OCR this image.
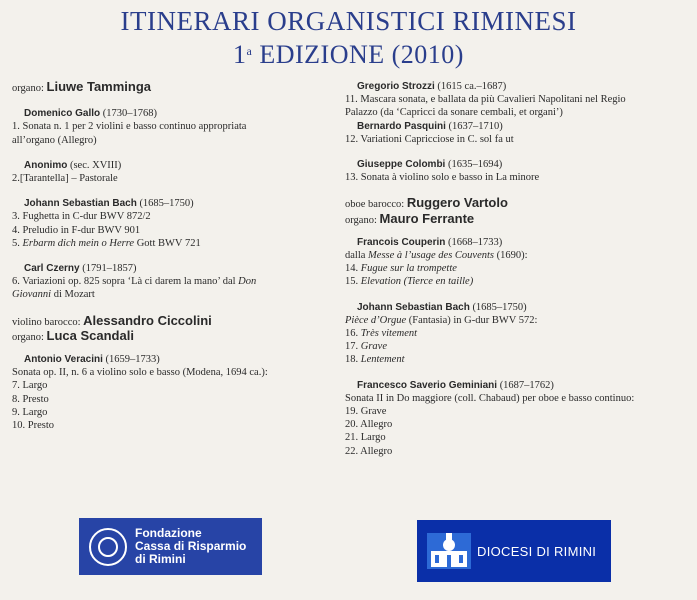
ITINERARI ORGANISTICI RIMINESI
1$^a$ EDIZIONE (2010)
organo: Liuwe Tamminga
Domenico Gallo (1730–1768)
1. Sonata n. 1 per 2 violini e basso continuo appropriata
all’organo (Allegro)
Anonimo (sec. XVIII)
2.[Tarantella] – Pastorale
Johann Sebastian Bach (1685–1750)
3. Fughetta in C-dur BWV 872/2
4. Preludio in F-dur BWV 901
5. Erbarm dich mein o Herre Gott BWV 721
Carl Czerny (1791–1857)
6. Variazioni op. 825 sopra ‘Là ci darem la mano’ dal Don
Giovanni di Mozart
violino barocco: Alessandro Ciccolini
organo: Luca Scandali
Antonio Veracini (1659–1733)
Sonata op. II, n. 6 a violino solo e basso (Modena, 1694 ca.):
7. Largo
8. Presto
9. Largo
10. Presto
Gregorio Strozzi (1615 ca.–1687)
11. Mascara sonata, e ballata da più Cavalieri Napolitani nel Regio
Palazzo (da ‘Capricci da sonare cembali, et organi’)
Bernardo Pasquini (1637–1710)
12. Variationi Capricciose in C. sol fa ut
Giuseppe Colombi (1635–1694)
13. Sonata à violino solo e basso in La minore
oboe barocco: Ruggero Vartolo
organo: Mauro Ferrante
Francois Couperin (1668–1733)
dalla Messe à l’usage des Couvents (1690):
14. Fugue sur la trompette
15. Elevation (Tierce en taille)
Johann Sebastian Bach (1685–1750)
Pièce d’Orgue (Fantasia) in G-dur BWV 572:
16. Très vitement
17. Grave
18. Lentement
Francesco Saverio Geminiani (1687–1762)
Sonata II in Do maggiore (coll. Chabaud) per oboe e basso continuo:
19. Grave
20. Allegro
21. Largo
22. Allegro
Fondazione
Cassa di Risparmio
di Rimini
DIOCESI DI RIMINI
